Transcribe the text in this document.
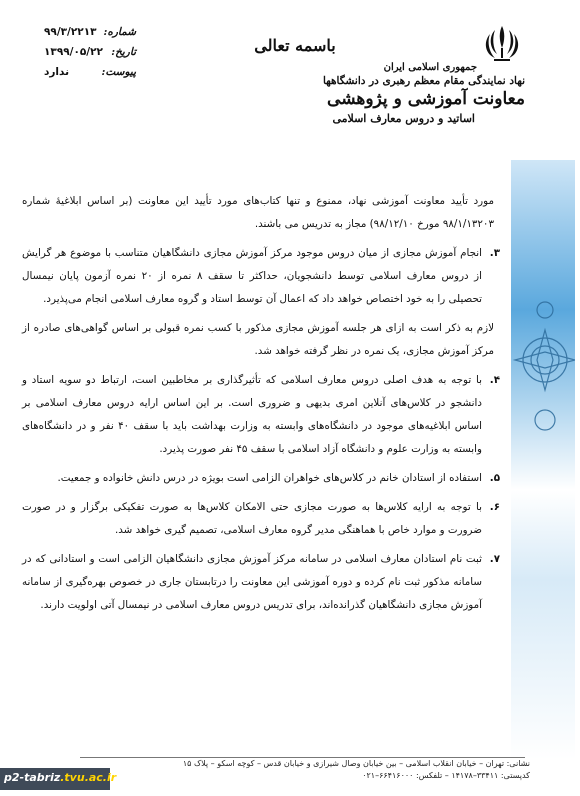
شماره:
۹۹/۳/۲۲۱۳
تاریخ:
۱۳۹۹/۰۵/۲۲
پیوست:
ندارد
باسمه تعالی
جمهوری اسلامی ایران
نهاد نمایندگی مقام معظم رهبری در دانشگاهها
معاونت آموزشی و پژوهشی
اساتید و دروس معارف اسلامی
مورد تأیید معاونت آموزشی نهاد، ممنوع و تنها کتاب‌های مورد تأیید این معاونت (بر اساس ابلاغیهٔ شماره ۹۸/۱/۱۳۲۰۳ مورخ ۹۸/۱۲/۱۰) مجاز به تدریس می باشند.
۳.
انجام آموزش مجازی از میان دروس موجود مرکز آموزش مجازی دانشگاهیان متناسب با موضوع هر گرایش از دروس معارف اسلامی توسط دانشجویان، حداکثر تا سقف ۸ نمره از ۲۰ نمره آزمون پایان نیمسال تحصیلی را به خود اختصاص خواهد داد که اعمال آن توسط استاد و گروه معارف اسلامی انجام می‌پذیرد.
لازم به ذکر است به ازای هر جلسه آموزش مجازی مذکور با کسب نمره قبولی بر اساس گواهی‌های صادره از مرکز آموزش مجازی، یک نمره در نظر گرفته خواهد شد.
۴.
با توجه به هدف اصلی دروس معارف اسلامی که تأثیرگذاری بر مخاطبین است، ارتباط دو سویه استاد و دانشجو در کلاس‌های آنلاین امری بدیهی و ضروری است. بر این اساس ارایه دروس معارف اسلامی بر اساس ابلاغیه‌های موجود در دانشگاه‌های وابسته به وزارت بهداشت باید با سقف ۴۰ نفر و در دانشگاه‌های وابسته به وزارت علوم و دانشگاه آزاد اسلامی با سقف ۴۵ نفر صورت پذیرد.
۵.
استفاده از استادان خانم در کلاس‌های خواهران الزامی است بویژه در درس دانش خانواده و جمعیت.
۶.
با توجه به ارایه کلاس‌ها به صورت مجازی حتی الامکان کلاس‌ها به صورت تفکیکی برگزار و در صورت ضرورت و موارد خاص با هماهنگی مدیر گروه معارف اسلامی، تصمیم گیری خواهد شد.
۷.
ثبت نام استادان معارف اسلامی در سامانه مرکز آموزش مجازی دانشگاهیان الزامی است و استادانی که در سامانه مذکور ثبت نام کرده و دوره آموزشی این معاونت را درتابستان جاری در خصوص بهره‌گیری از سامانه آموزش مجازی دانشگاهیان گذرانده‌اند، برای تدریس دروس معارف اسلامی در نیمسال آتی اولویت دارند.
نشانی: تهران – خیابان انقلاب اسلامی – بین خیابان وصال شیرازی و خیابان قدس – کوچه اسکو – پلاک ۱۵
کدپستی: ۳۳۴۱۱–۱۴۱۷۸ – تلفکس: ۶۶۴۱۶۰۰۰–۰۲۱
p2-tabriz.tvu.ac.ir
